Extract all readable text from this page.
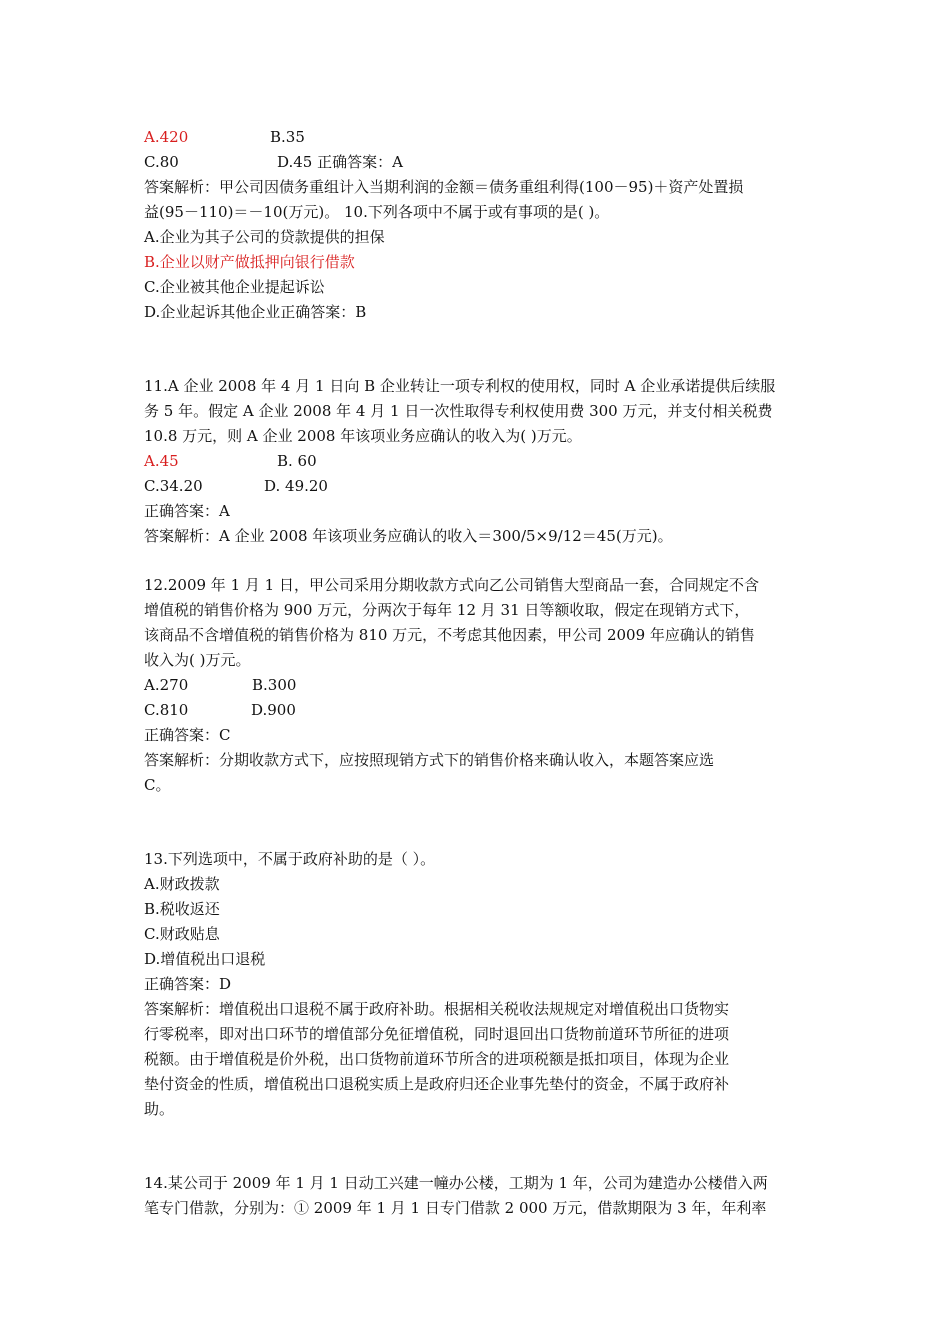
A.420	B.35
C.80	D.45 正确答案：A
答案解析：甲公司因债务重组计入当期利润的金额＝债务重组利得(100－95)＋资产处置损
益(95－110)＝－10(万元)。 10.下列各项中不属于或有事项的是( )。
A.企业为其子公司的贷款提供的担保
B.企业以财产做抵押向银行借款
C.企业被其他企业提起诉讼
D.企业起诉其他企业正确答案：B
11.A 企业 2008 年 4 月 1 日向 B 企业转让一项专利权的使用权，同时 A 企业承诺提供后续服
务 5 年。假定 A 企业 2008 年 4 月 1 日一次性取得专利权使用费 300 万元，并支付相关税费
10.8 万元，则 A 企业 2008 年该项业务应确认的收入为( )万元。
A.45	B. 60
C.34.20	D. 49.20
正确答案：A
答案解析：A 企业 2008 年该项业务应确认的收入＝300/5×9/12＝45(万元)。
12.2009 年 1 月 1 日，甲公司采用分期收款方式向乙公司销售大型商品一套，合同规定不含
增值税的销售价格为 900 万元，分两次于每年 12 月 31 日等额收取，假定在现销方式下，
该商品不含增值税的销售价格为 810 万元，不考虑其他因素，甲公司 2009 年应确认的销售
收入为( )万元。
A.270	B.300
C.810	D.900
正确答案：C
答案解析：分期收款方式下，应按照现销方式下的销售价格来确认收入，本题答案应选
C。
13.下列选项中，不属于政府补助的是（ ）。
A.财政拨款
B.税收返还
C.财政贴息
D.增值税出口退税
正确答案：D
答案解析：增值税出口退税不属于政府补助。根据相关税收法规规定对增值税出口货物实
行零税率，即对出口环节的增值部分免征增值税，同时退回出口货物前道环节所征的进项
税额。由于增值税是价外税，出口货物前道环节所含的进项税额是抵扣项目，体现为企业
垫付资金的性质，增值税出口退税实质上是政府归还企业事先垫付的资金，不属于政府补
助。
14.某公司于 2009 年 1 月 1 日动工兴建一幢办公楼，工期为 1 年，公司为建造办公楼借入两
笔专门借款，分别为：① 2009 年 1 月 1 日专门借款 2 000 万元，借款期限为 3 年，年利率
